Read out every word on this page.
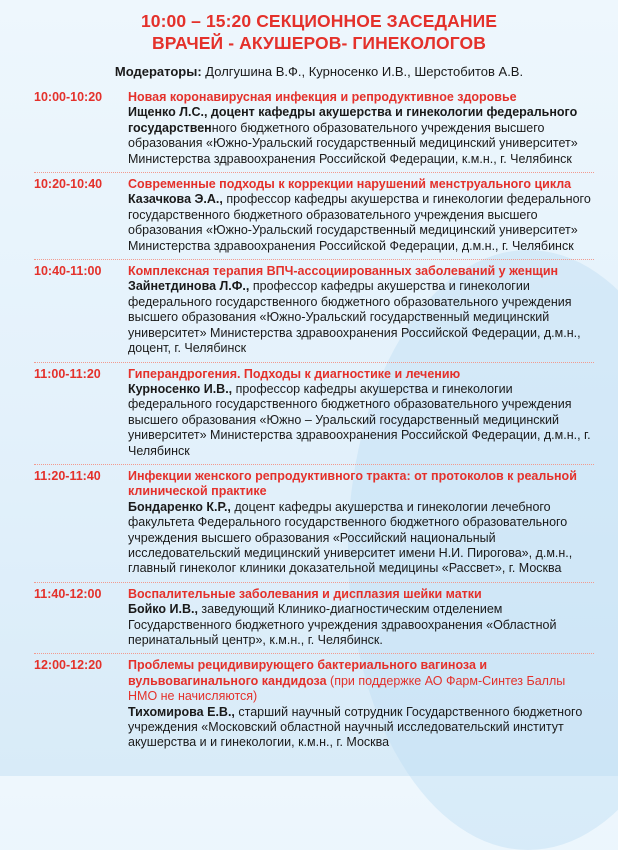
10:00 – 15:20 СЕКЦИОННОЕ ЗАСЕДАНИЕ
ВРАЧЕЙ - АКУШЕРОВ- ГИНЕКОЛОГОВ
Модераторы: Долгушина В.Ф., Курносенко И.В., Шерстобитов А.В.
10:00-10:20	Новая коронавирусная инфекция и репродуктивное здоровье
Ищенко Л.С., доцент кафедры акушерства и гинекологии федерального государственного бюджетного образовательного учреждения высшего образования «Южно-Уральский государственный медицинский университет» Министерства здравоохранения Российской Федерации, к.м.н., г. Челябинск
10:20-10:40	Современные подходы к коррекции нарушений менструального цикла
Казачкова Э.А., профессор кафедры акушерства и гинекологии федерального государственного бюджетного образовательного учреждения высшего образования «Южно-Уральский государственный медицинский университет» Министерства здравоохранения Российской Федерации, д.м.н., г. Челябинск
10:40-11:00	Комплексная терапия ВПЧ-ассоциированных заболеваний у женщин
Зайнетдинова Л.Ф., профессор кафедры акушерства и гинекологии федерального государственного бюджетного образовательного учреждения высшего образования «Южно-Уральский государственный медицинский университет» Министерства здравоохранения Российской Федерации, д.м.н., доцент, г. Челябинск
11:00-11:20	Гиперандрогения. Подходы к диагностике и лечению
Курносенко И.В., профессор кафедры акушерства и гинекологии федерального государственного бюджетного образовательного учреждения высшего образования «Южно – Уральский государственный медицинский университет» Министерства здравоохранения Российской Федерации, д.м.н., г. Челябинск
11:20-11:40	Инфекции женского репродуктивного тракта: от протоколов к реальной клинической практике
Бондаренко К.Р., доцент кафедры акушерства и гинекологии лечебного факультета Федерального государственного бюджетного образовательного учреждения высшего образования «Российский национальный исследовательский медицинский университет имени Н.И. Пирогова», д.м.н., главный гинеколог клиники доказательной медицины «Рассвет», г. Москва
11:40-12:00	Воспалительные заболевания и дисплазия шейки матки
Бойко И.В., заведующий Клинико-диагностическим отделением Государственного бюджетного учреждения здравоохранения «Областной перинатальный центр», к.м.н., г. Челябинск.
12:00-12:20	Проблемы рецидивирующего бактериального вагиноза и вульвовагинального кандидоза (при поддержке АО Фарм-Синтез Баллы НМО не начисляются)
Тихомирова Е.В., старший научный сотрудник Государственного бюджетного учреждения «Московский областной научный исследовательский институт акушерства и и гинекологии, к.м.н., г. Москва
